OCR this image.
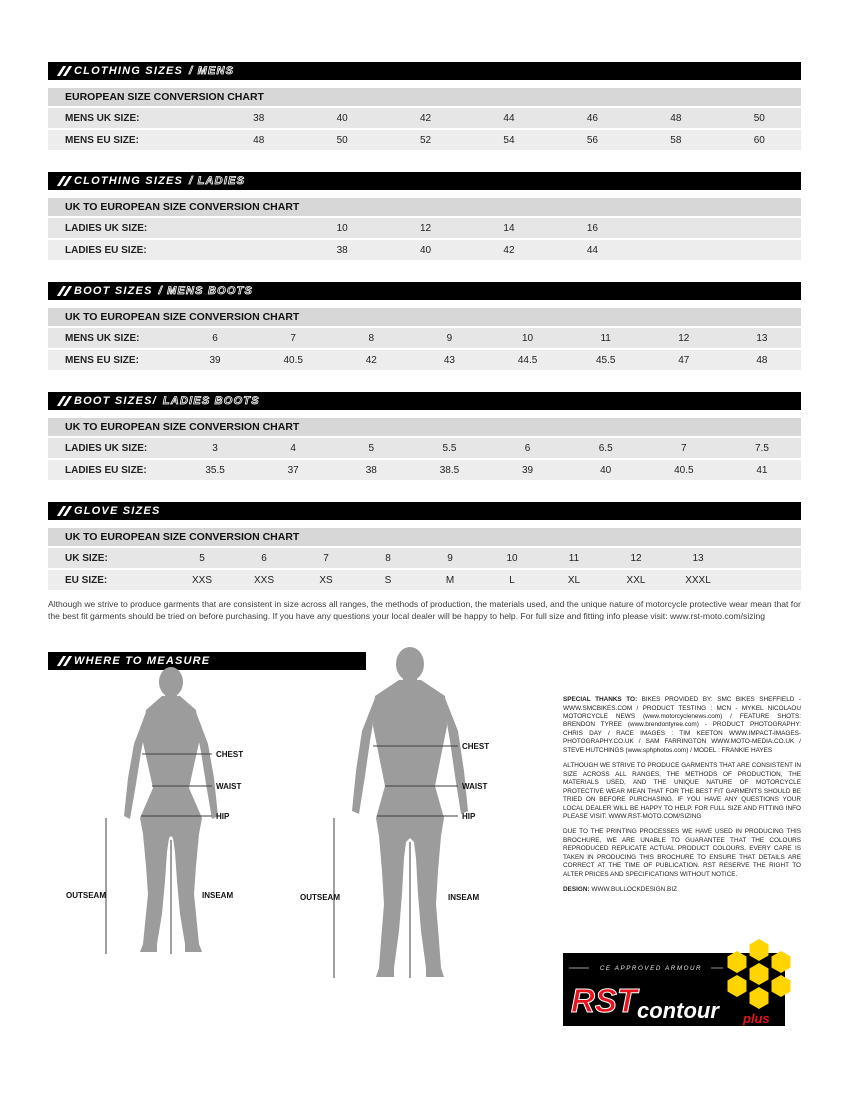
CLOTHING SIZES / MENS
EUROPEAN SIZE CONVERSION CHART
MENS UK SIZE:	38	40	42	44	46	48	50
MENS EU SIZE:	48	50	52	54	56	58	60
CLOTHING SIZES / LADIES
UK TO EUROPEAN SIZE CONVERSION CHART
LADIES UK SIZE:	10	12	14	16
LADIES EU SIZE:	38	40	42	44
BOOT SIZES / MENS BOOTS
UK TO EUROPEAN SIZE CONVERSION CHART
MENS UK SIZE:	6	7	8	9	10	11	12	13
MENS EU SIZE:	39	40.5	42	43	44.5	45.5	47	48
BOOT SIZES/ LADIES BOOTS
UK TO EUROPEAN SIZE CONVERSION CHART
LADIES UK SIZE:	3	4	5	5.5	6	6.5	7	7.5
LADIES EU SIZE:	35.5	37	38	38.5	39	40	40.5	41
GLOVE SIZES
UK TO EUROPEAN SIZE CONVERSION CHART
UK SIZE:	5	6	7	8	9	10	11	12	13
EU SIZE:	XXS	XXS	XS	S	M	L	XL	XXL	XXXL

Although we strive to produce garments that are consistent in size across all ranges, the methods of production, the materials used, and the unique nature of motorcycle protective wear mean that for the best fit garments should be tried on before purchasing. If you have any questions your local dealer will be happy to help. For full size and fitting info please visit: www.rst-moto.com/sizing

WHERE TO MEASURE
CHEST
WAIST
HIP
OUTSEAM	INSEAM
CHEST
WAIST
HIP
OUTSEAM	INSEAM

SPECIAL THANKS TO: BIKES PROVIDED BY: SMC BIKES SHEFFIELD - WWW.SMCBIKES.COM / PRODUCT TESTING : MCN - MYKEL NICOLAOU MOTORCYCLE NEWS (www.motorcyclenews.com) / FEATURE SHOTS: BRENDON TYREE (www.brendontyree.com) - PRODUCT PHOTOGRAPHY: CHRIS DAY / RACE IMAGES : TIM KEETON WWW.IMPACT-IMAGES-PHOTOGRAPHY.CO.UK / SAM FARRINGTON WWW.MOTO-MEDIA.CO.UK / STEVE HUTCHINGS (www.sphphotos.com) / MODEL : FRANKIE HAYES

ALTHOUGH WE STRIVE TO PRODUCE GARMENTS THAT ARE CONSISTENT IN SIZE ACROSS ALL RANGES, THE METHODS OF PRODUCTION, THE MATERIALS USED, AND THE UNIQUE NATURE OF MOTORCYCLE PROTECTIVE WEAR MEAN THAT FOR THE BEST FIT GARMENTS SHOULD BE TRIED ON BEFORE PURCHASING. IF YOU HAVE ANY QUESTIONS YOUR LOCAL DEALER WILL BE HAPPY TO HELP. FOR FULL SIZE AND FITTING INFO PLEASE VISIT: WWW.RST-MOTO.COM/SIZING

DUE TO THE PRINTING PROCESSES WE HAVE USED IN PRODUCING THIS BROCHURE, WE ARE UNABLE TO GUARANTEE THAT THE COLOURS REPRODUCED REPLICATE ACTUAL PRODUCT COLOURS. EVERY CARE IS TAKEN IN PRODUCING THIS BROCHURE TO ENSURE THAT DETAILS ARE CORRECT AT THE TIME OF PUBLICATION. RST RESERVE THE RIGHT TO ALTER PRICES AND SPECIFICATIONS WITHOUT NOTICE.

DESIGN: WWW.BULLOCKDESIGN.BIZ

CE APPROVED ARMOUR
RST contour plus
